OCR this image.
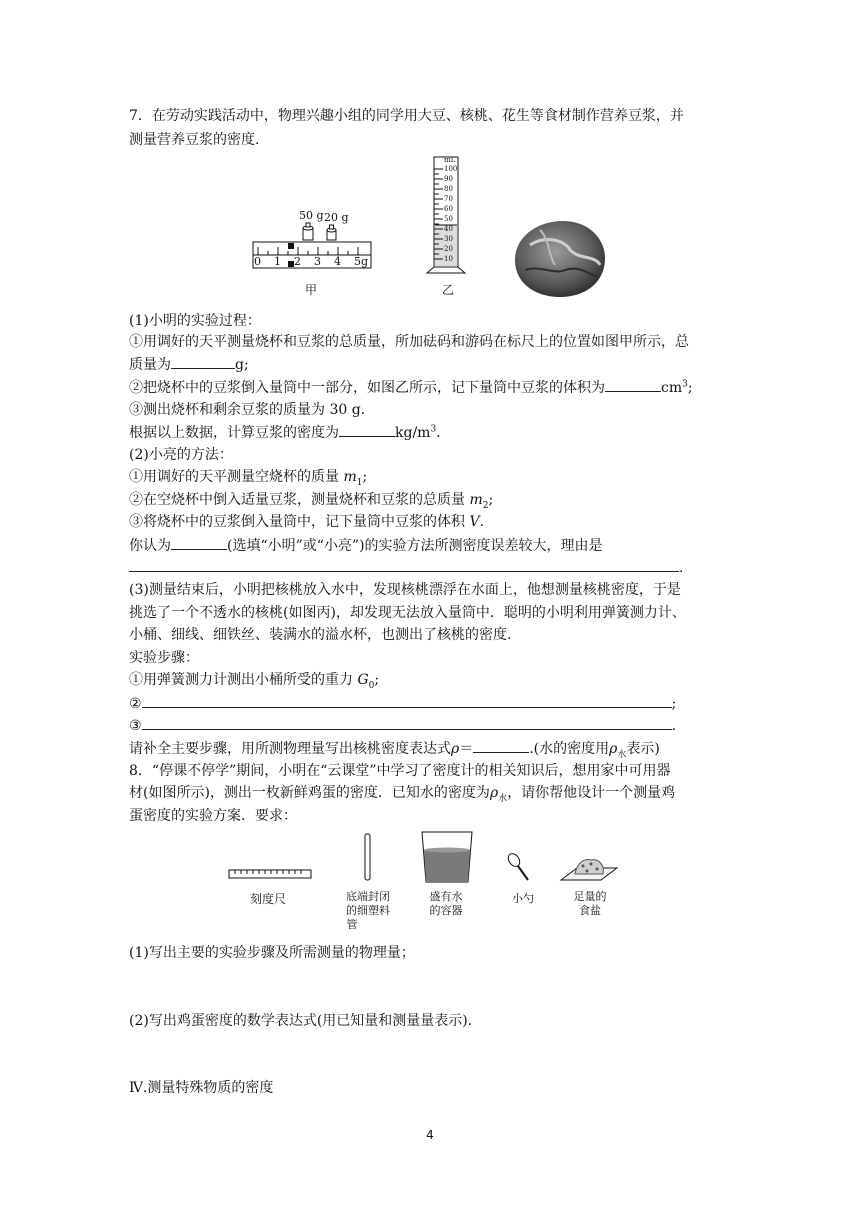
7．在劳动实践活动中，物理兴趣小组的同学用大豆、核桃、花生等食材制作营养豆浆，并
测量营养豆浆的密度.
50 g 20 g
0 1 2 3 4 5g
甲
mL
100
90
80
70
60
50
40
30
20
10
乙
(1)小明的实验过程：
①用调好的天平测量烧杯和豆浆的总质量，所加砝码和游码在标尺上的位置如图甲所示，总
质量为	g;
②把烧杯中的豆浆倒入量筒中一部分，如图乙所示，记下量筒中豆浆的体积为	$cm^3$;
③测出烧杯和剩余豆浆的质量为 30 g.
根据以上数据，计算豆浆的密度为	$kg/m^3$.
(2)小亮的方法：
①用调好的天平测量空烧杯的质量 $m_1$;
②在空烧杯中倒入适量豆浆，测量烧杯和豆浆的总质量 $m_2$;
③将烧杯中的豆浆倒入量筒中，记下量筒中豆浆的体积 V.
你认为	(选填“小明”或“小亮”)的实验方法所测密度误差较大，理由是
.
(3)测量结束后，小明把核桃放入水中，发现核桃漂浮在水面上，他想测量核桃密度，于是
挑选了一个不透水的核桃(如图丙)，却发现无法放入量筒中．聪明的小明利用弹簧测力计、
小桶、细线、细铁丝、装满水的溢水杯，也测出了核桃的密度.
实验步骤：
①用弹簧测力计测出小桶所受的重力 $G_0$;
②	;
③	.
请补全主要步骤，用所测物理量写出核桃密度表达式ρ＝	.(水的密度用$\rho_水$表示)
8．“停课不停学”期间，小明在“云课堂”中学习了密度计的相关知识后，想用家中可用器
材(如图所示)，测出一枚新鲜鸡蛋的密度．已知水的密度为$\rho_水$，请你帮他设计一个测量鸡
蛋密度的实验方案．要求：
刻度尺	底端封闭
的细塑料
管
盛有水
的容器
小勺	足量的
食盐
(1)写出主要的实验步骤及所需测量的物理量；
(2)写出鸡蛋密度的数学表达式(用已知量和测量量表示).
Ⅳ.测量特殊物质的密度
4
